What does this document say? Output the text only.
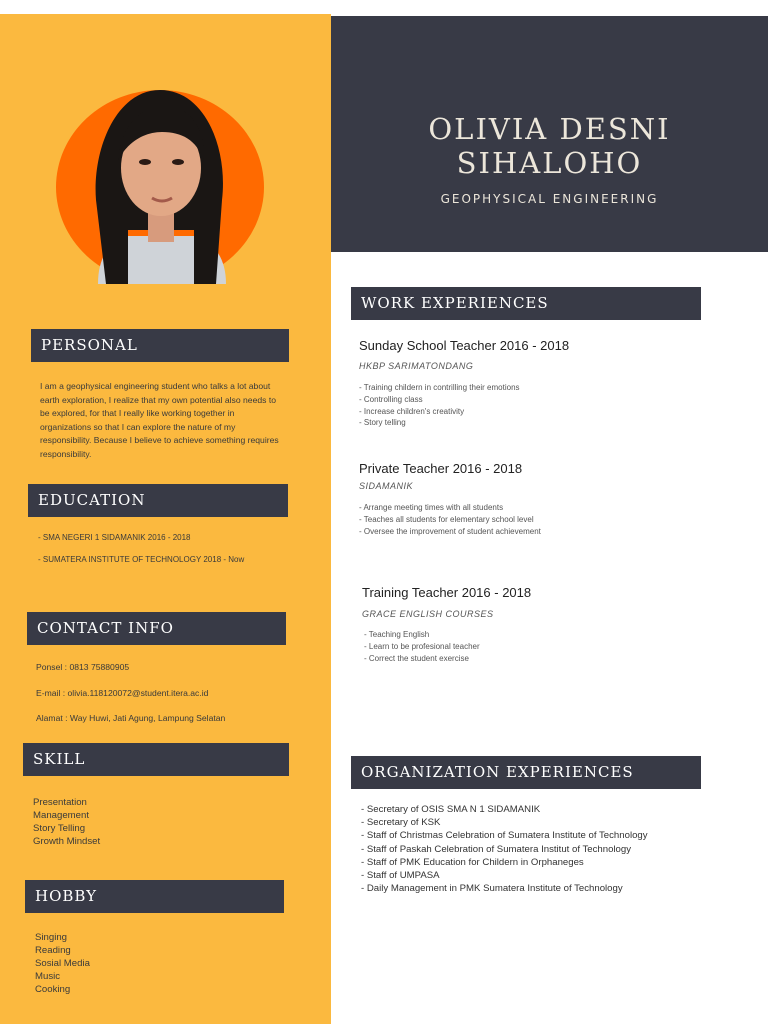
OLIVIA DESNI
SIHALOHO
GEOPHYSICAL ENGINEERING
PERSONAL
I am a geophysical engineering student who talks a lot about earth exploration, I realize that my own potential also needs to be explored, for that I really like working together in organizations so that I can explore the nature of my responsibility. Because I believe to achieve something requires responsibility.
EDUCATION
- SMA NEGERI 1 SIDAMANIK 2016 - 2018
- SUMATERA INSTITUTE OF TECHNOLOGY 2018 - Now
CONTACT INFO
Ponsel : 0813 75880905
E-mail : olivia.118120072@student.itera.ac.id
Alamat : Way Huwi, Jati Agung, Lampung Selatan
SKILL
Presentation
Management
Story Telling
Growth Mindset
HOBBY
Singing
Reading
Sosial Media
Music
Cooking
WORK EXPERIENCES
Sunday School Teacher 2016 - 2018
HKBP SARIMATONDANG
- Training childern in contrilling their emotions
- Controlling class
- Increase children's creativity
- Story telling
Private Teacher 2016 - 2018
SIDAMANIK
- Arrange meeting times with all students
- Teaches all students for elementary school level
- Oversee the improvement of student achievement
Training Teacher 2016 - 2018
GRACE ENGLISH COURSES
- Teaching English
- Learn to be profesional teacher
- Correct the student exercise
ORGANIZATION EXPERIENCES
- Secretary of OSIS SMA N 1 SIDAMANIK
- Secretary of KSK
- Staff of Christmas Celebration of Sumatera Institute of Technology
- Staff of Paskah Celebration of Sumatera Institut of Technology
- Staff of PMK Education for Childern in Orphaneges
- Staff of UMPASA
- Daily Management in PMK Sumatera Institute of Technology
